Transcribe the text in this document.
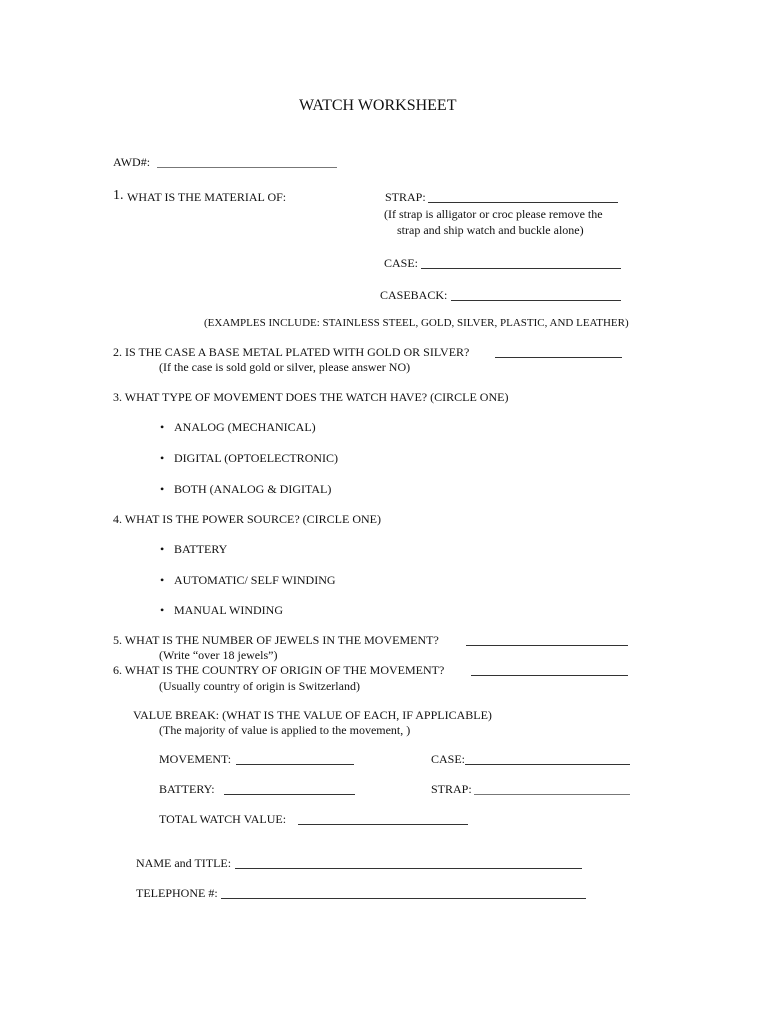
WATCH WORKSHEET
AWD#:
1. WHAT IS THE MATERIAL OF:	STRAP:
(If strap is alligator or croc please remove the
strap and ship watch and buckle alone)
CASE:
CASEBACK:
(EXAMPLES INCLUDE: STAINLESS STEEL, GOLD, SILVER, PLASTIC, AND LEATHER)
2. IS THE CASE A BASE METAL PLATED WITH GOLD OR SILVER?
(If the case is sold gold or silver, please answer NO)
3. WHAT TYPE OF MOVEMENT DOES THE WATCH HAVE? (CIRCLE ONE)
• ANALOG (MECHANICAL)
• DIGITAL (OPTOELECTRONIC)
• BOTH (ANALOG & DIGITAL)
4. WHAT IS THE POWER SOURCE? (CIRCLE ONE)
• BATTERY
• AUTOMATIC/ SELF WINDING
• MANUAL WINDING
5. WHAT IS THE NUMBER OF JEWELS IN THE MOVEMENT?
(Write “over 18 jewels”)
6. WHAT IS THE COUNTRY OF ORIGIN OF THE MOVEMENT?
(Usually country of origin is Switzerland)
VALUE BREAK: (WHAT IS THE VALUE OF EACH, IF APPLICABLE)
(The majority of value is applied to the movement, )
MOVEMENT:	CASE:
BATTERY:	STRAP:
TOTAL WATCH VALUE:
NAME and TITLE:
TELEPHONE #:
